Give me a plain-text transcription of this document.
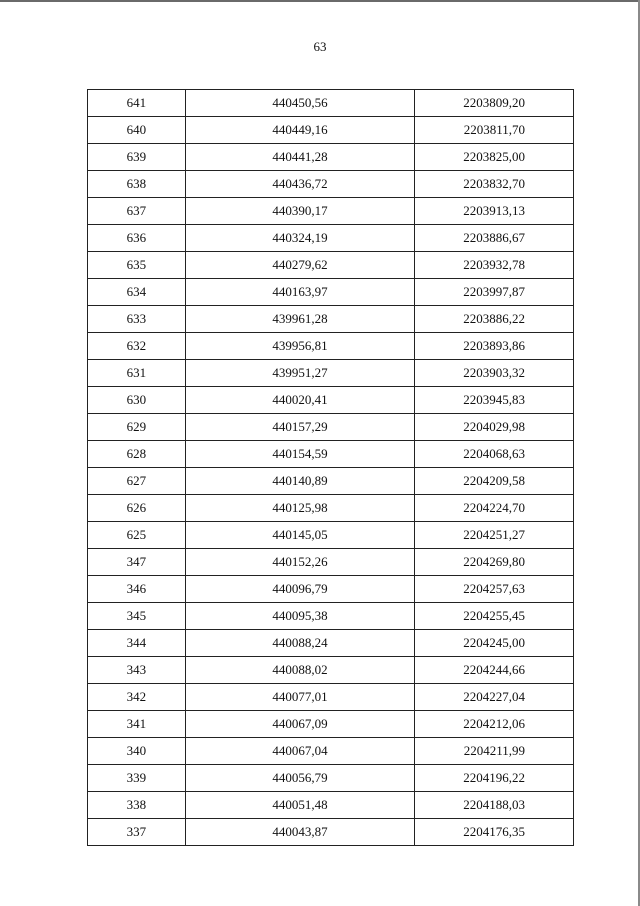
63
641	440450,56	2203809,20
640	440449,16	2203811,70
639	440441,28	2203825,00
638	440436,72	2203832,70
637	440390,17	2203913,13
636	440324,19	2203886,67
635	440279,62	2203932,78
634	440163,97	2203997,87
633	439961,28	2203886,22
632	439956,81	2203893,86
631	439951,27	2203903,32
630	440020,41	2203945,83
629	440157,29	2204029,98
628	440154,59	2204068,63
627	440140,89	2204209,58
626	440125,98	2204224,70
625	440145,05	2204251,27
347	440152,26	2204269,80
346	440096,79	2204257,63
345	440095,38	2204255,45
344	440088,24	2204245,00
343	440088,02	2204244,66
342	440077,01	2204227,04
341	440067,09	2204212,06
340	440067,04	2204211,99
339	440056,79	2204196,22
338	440051,48	2204188,03
337	440043,87	2204176,35
